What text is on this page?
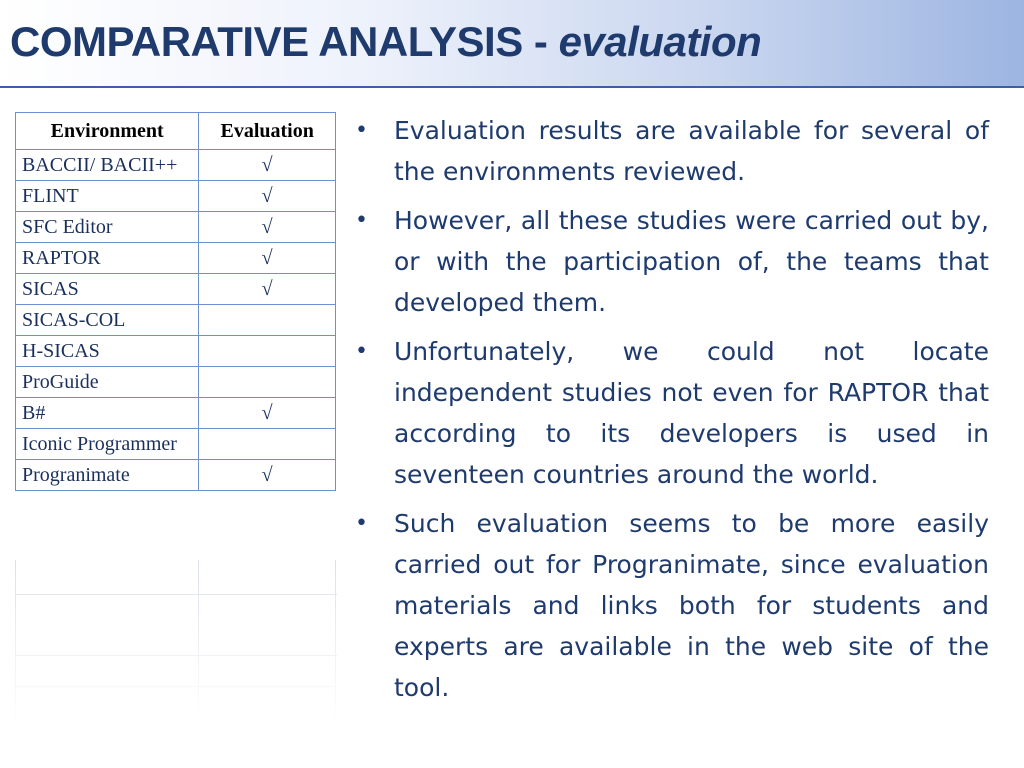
COMPARATIVE ANALYSIS - evaluation
Environment	Evaluation
BACCII/ BACII++	√
FLINT	√
SFC Editor	√
RAPTOR	√
SICAS	√
SICAS-COL	
H-SICAS	
ProGuide	
B#	√
Iconic Programmer	
Progranimate	√
• Evaluation results are available for several of the environments reviewed.
• However, all these studies were carried out by, or with the participation of, the teams that developed them.
• Unfortunately, we could not locate independent studies not even for RAPTOR that according to its developers is used in seventeen countries around the world.
• Such evaluation seems to be more easily carried out for Progranimate, since evaluation materials and links both for students and experts are available in the web site of the tool.
